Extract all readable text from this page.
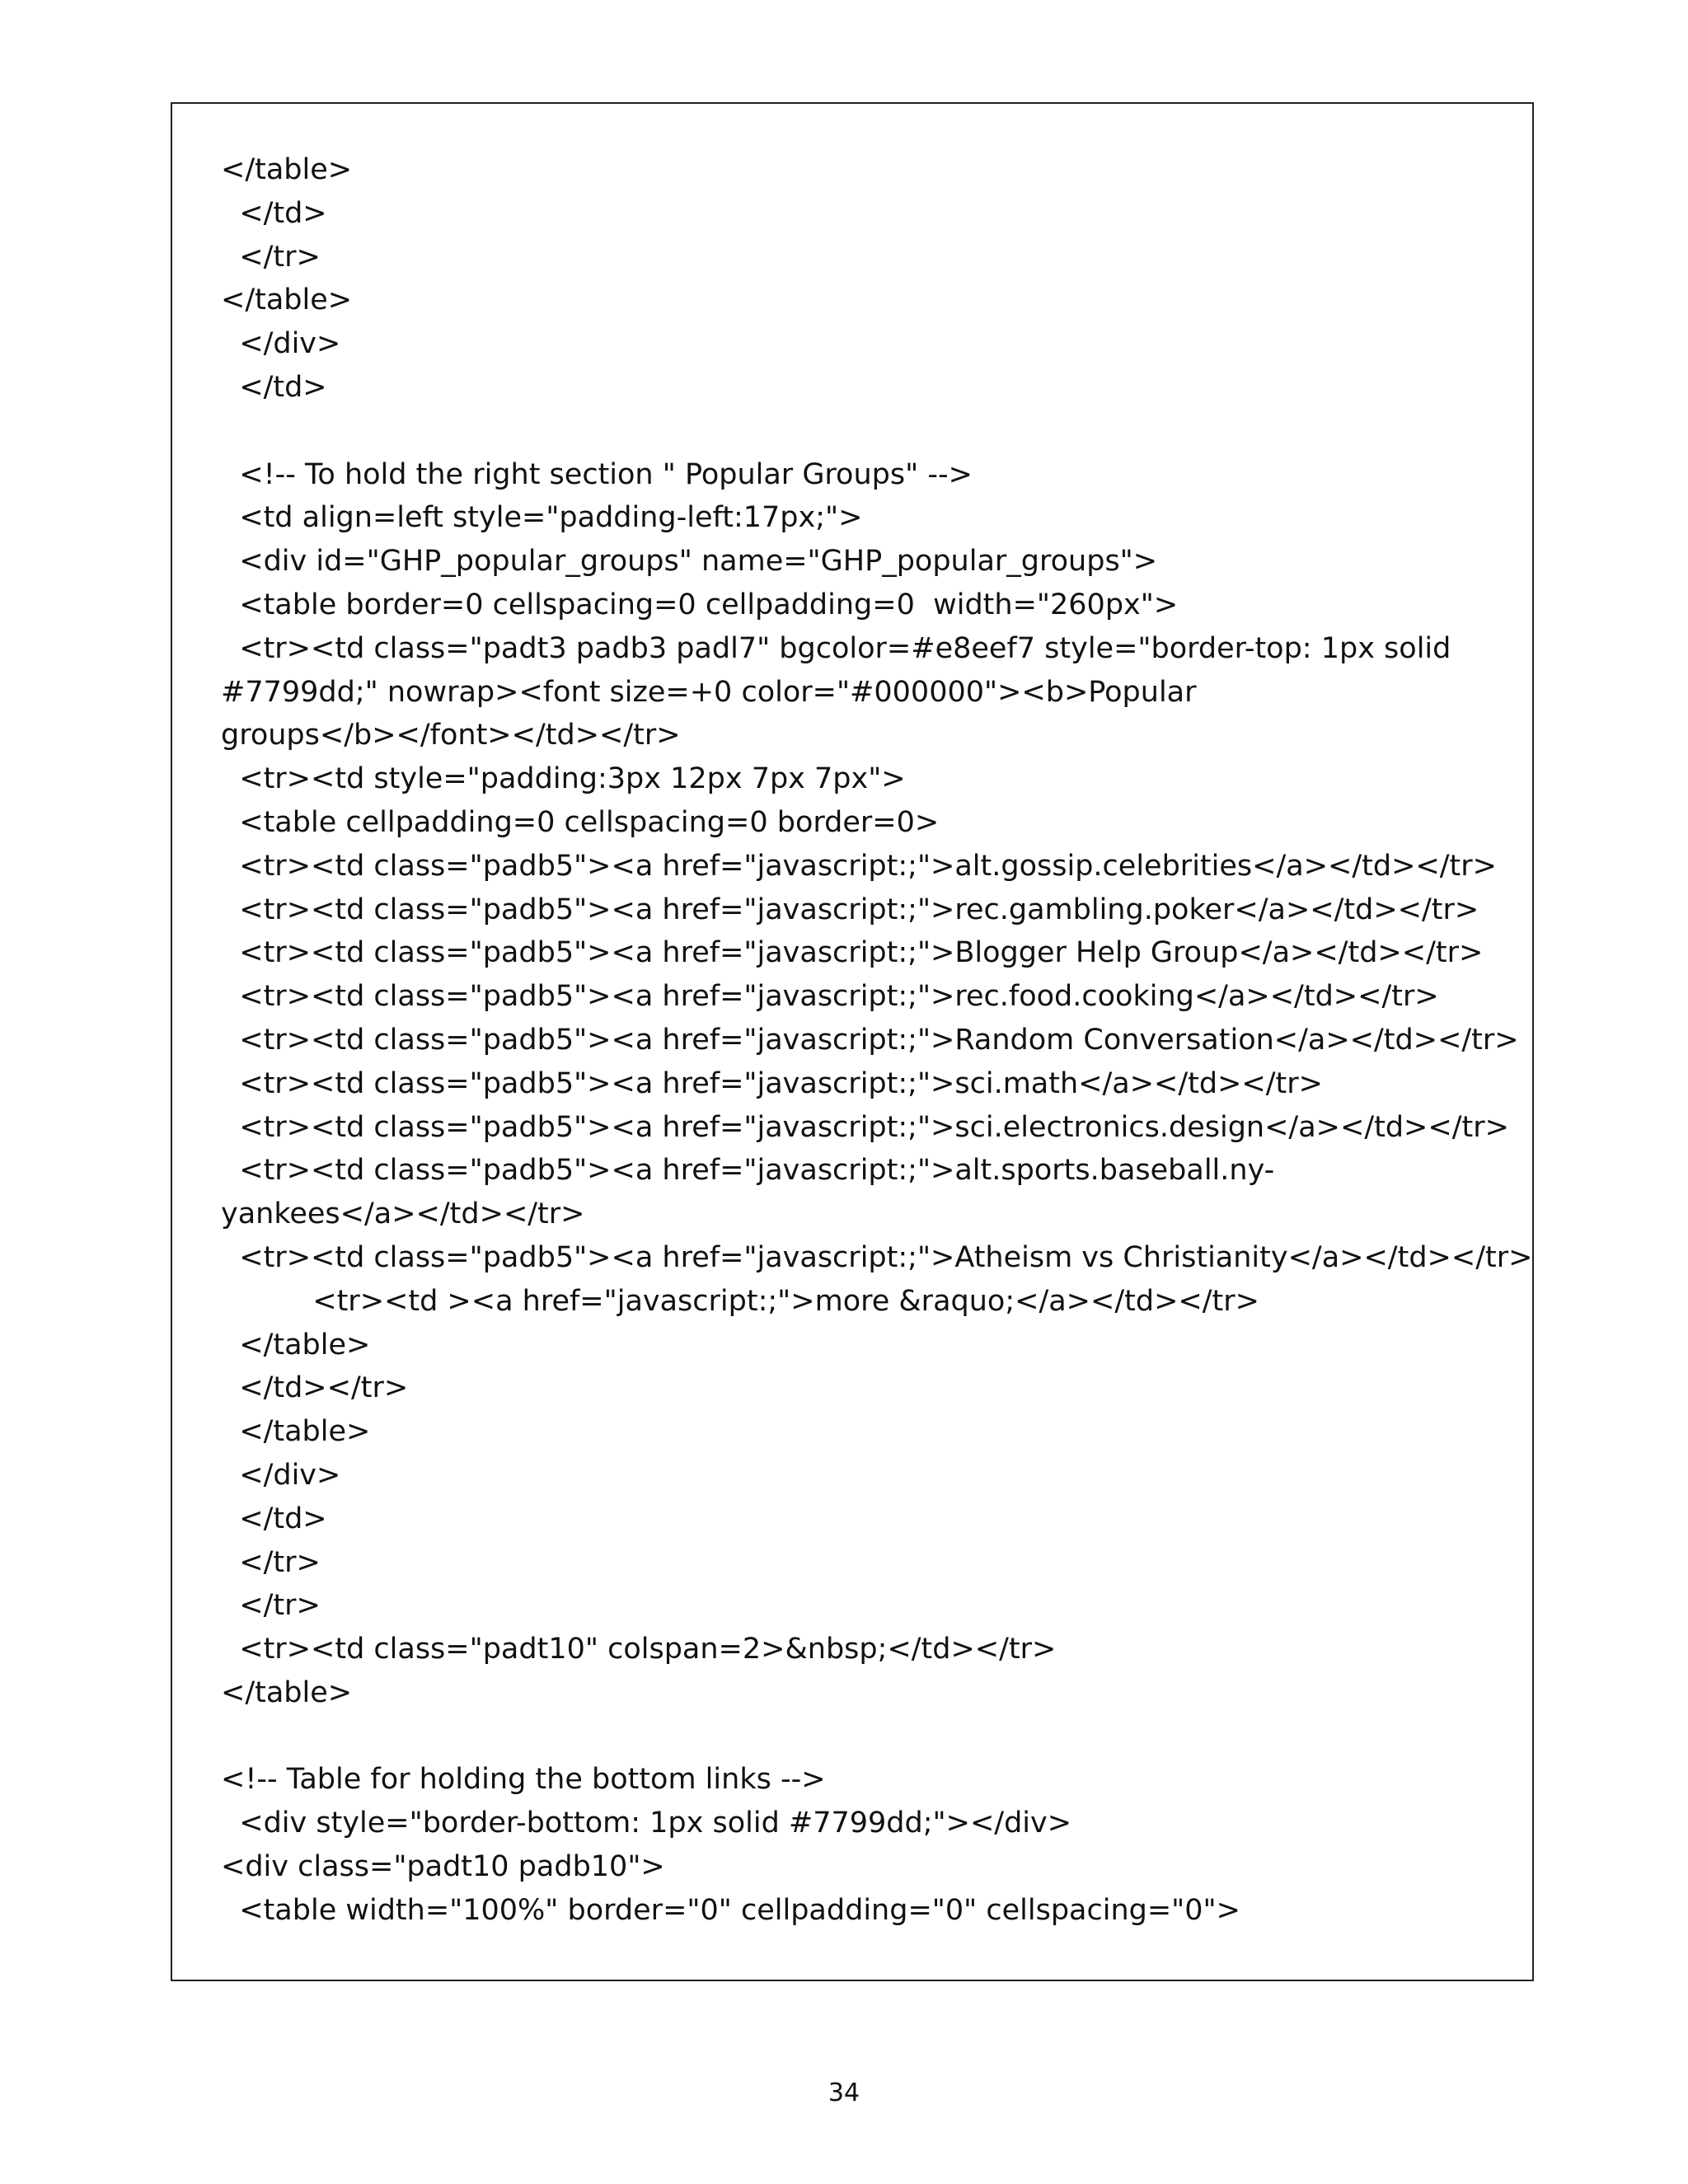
</table>
</td>
</tr>
</table>
</div>
</td>
<!-- To hold the right section " Popular Groups" -->
<td align=left style="padding-left:17px;">
<div id="GHP_popular_groups" name="GHP_popular_groups">
<table border=0 cellspacing=0 cellpadding=0  width="260px">
<tr><td class="padt3 padb3 padl7" bgcolor=#e8eef7 style="border-top: 1px solid
#7799dd;" nowrap><font size=+0 color="#000000"><b>Popular
groups</b></font></td></tr>
<tr><td style="padding:3px 12px 7px 7px">
<table cellpadding=0 cellspacing=0 border=0>
<tr><td class="padb5"><a href="javascript:;">alt.gossip.celebrities</a></td></tr>
<tr><td class="padb5"><a href="javascript:;">rec.gambling.poker</a></td></tr>
<tr><td class="padb5"><a href="javascript:;">Blogger Help Group</a></td></tr>
<tr><td class="padb5"><a href="javascript:;">rec.food.cooking</a></td></tr>
<tr><td class="padb5"><a href="javascript:;">Random Conversation</a></td></tr>
<tr><td class="padb5"><a href="javascript:;">sci.math</a></td></tr>
<tr><td class="padb5"><a href="javascript:;">sci.electronics.design</a></td></tr>
<tr><td class="padb5"><a href="javascript:;">alt.sports.baseball.ny-
yankees</a></td></tr>
<tr><td class="padb5"><a href="javascript:;">Atheism vs Christianity</a></td></tr>
<tr><td ><a href="javascript:;">more &raquo;</a></td></tr>
</table>
</td></tr>
</table>
</div>
</td>
</tr>
</tr>
<tr><td class="padt10" colspan=2>&nbsp;</td></tr>
</table>
<!-- Table for holding the bottom links -->
<div style="border-bottom: 1px solid #7799dd;"></div>
<div class="padt10 padb10">
<table width="100%" border="0" cellpadding="0" cellspacing="0">
34
